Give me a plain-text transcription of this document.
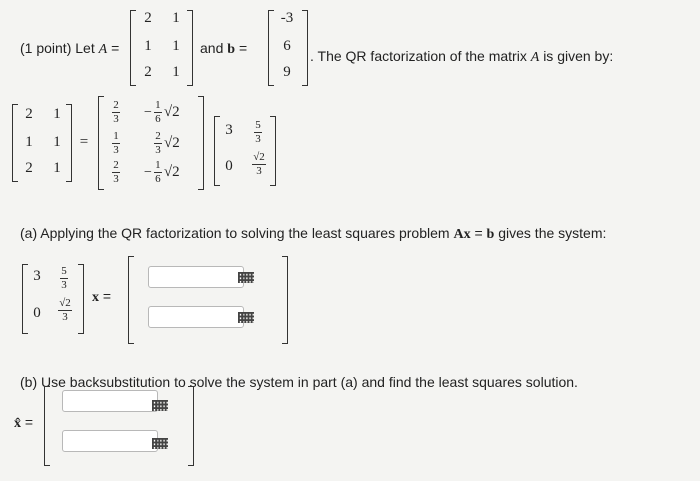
(1 point) Let A =
2 1
1 1
2 1
and b =
-3
6
9
. The QR factorization of the matrix A is given by:
2 1
1 1
2 1
=
2
3
1
3
2
3
− $\frac{1}{6} √2$
$\frac{2}{3} √2$
− $\frac{1}{6} √2$
3 5
3
0
√2
3
(a) Applying the QR factorization to solving the least squares problem Ax = b gives the system:
3 5
3
0
√2
3
x =
(b) Use backsubstitution to solve the system in part (a) and find the least squares solution.
x̂ =
